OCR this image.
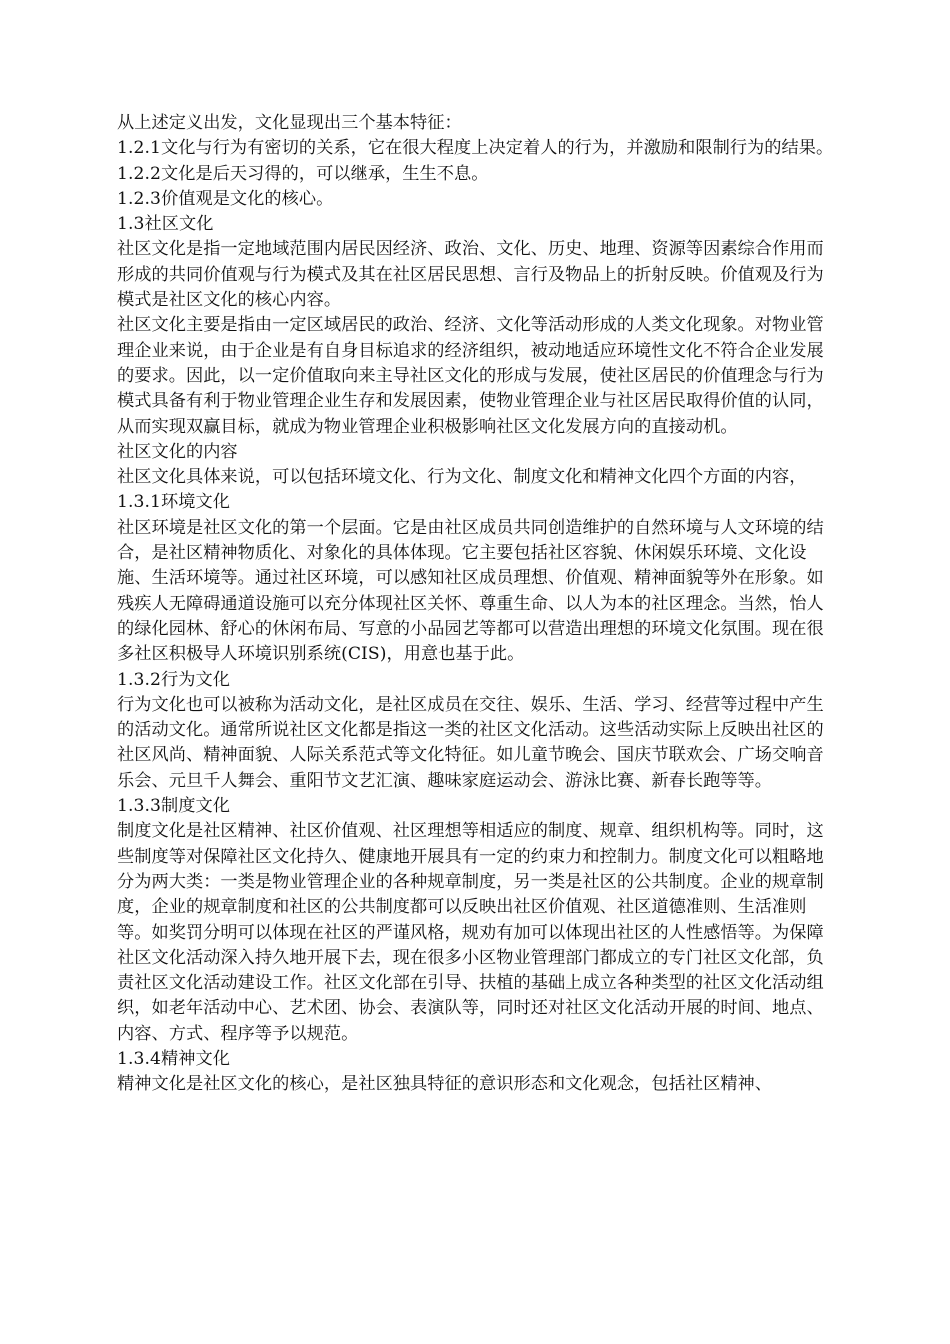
从上述定义出发，文化显现出三个基本特征：
1.2.1文化与行为有密切的关系，它在很大程度上决定着人的行为，并激励和限制行为的结果。
1.2.2文化是后天习得的，可以继承，生生不息。
1.2.3价值观是文化的核心。
1.3社区文化
社区文化是指一定地域范围内居民因经济、政治、文化、历史、地理、资源等因素综合作用而形成的共同价值观与行为模式及其在社区居民思想、言行及物品上的折射反映。价值观及行为模式是社区文化的核心内容。
社区文化主要是指由一定区域居民的政治、经济、文化等活动形成的人类文化现象。对物业管理企业来说，由于企业是有自身目标追求的经济组织，被动地适应环境性文化不符合企业发展的要求。因此，以一定价值取向来主导社区文化的形成与发展，使社区居民的价值理念与行为模式具备有利于物业管理企业生存和发展因素，使物业管理企业与社区居民取得价值的认同，从而实现双赢目标，就成为物业管理企业积极影响社区文化发展方向的直接动机。
社区文化的内容
社区文化具体来说，可以包括环境文化、行为文化、制度文化和精神文化四个方面的内容，
1.3.1环境文化
社区环境是社区文化的第一个层面。它是由社区成员共同创造维护的自然环境与人文环境的结合，是社区精神物质化、对象化的具体体现。它主要包括社区容貌、休闲娱乐环境、文化设施、生活环境等。通过社区环境，可以感知社区成员理想、价值观、精神面貌等外在形象。如残疾人无障碍通道设施可以充分体现社区关怀、尊重生命、以人为本的社区理念。当然，怡人的绿化园林、舒心的休闲布局、写意的小品园艺等都可以营造出理想的环境文化氛围。现在很多社区积极导人环境识别系统(CIS)，用意也基于此。
1.3.2行为文化
行为文化也可以被称为活动文化，是社区成员在交往、娱乐、生活、学习、经营等过程中产生的活动文化。通常所说社区文化都是指这一类的社区文化活动。这些活动实际上反映出社区的社区风尚、精神面貌、人际关系范式等文化特征。如儿童节晚会、国庆节联欢会、广场交响音乐会、元旦千人舞会、重阳节文艺汇演、趣味家庭运动会、游泳比赛、新春长跑等等。
1.3.3制度文化
制度文化是社区精神、社区价值观、社区理想等相适应的制度、规章、组织机构等。同时，这些制度等对保障社区文化持久、健康地开展具有一定的约束力和控制力。制度文化可以粗略地分为两大类：一类是物业管理企业的各种规章制度，另一类是社区的公共制度。企业的规章制度，企业的规章制度和社区的公共制度都可以反映出社区价值观、社区道德准则、生活准则等。如奖罚分明可以体现在社区的严谨风格，规劝有加可以体现出社区的人性感悟等。为保障社区文化活动深入持久地开展下去，现在很多小区物业管理部门都成立的专门社区文化部，负责社区文化活动建设工作。社区文化部在引导、扶植的基础上成立各种类型的社区文化活动组织，如老年活动中心、艺术团、协会、表演队等，同时还对社区文化活动开展的时间、地点、内容、方式、程序等予以规范。
1.3.4精神文化
精神文化是社区文化的核心，是社区独具特征的意识形态和文化观念，包括社区精神、
